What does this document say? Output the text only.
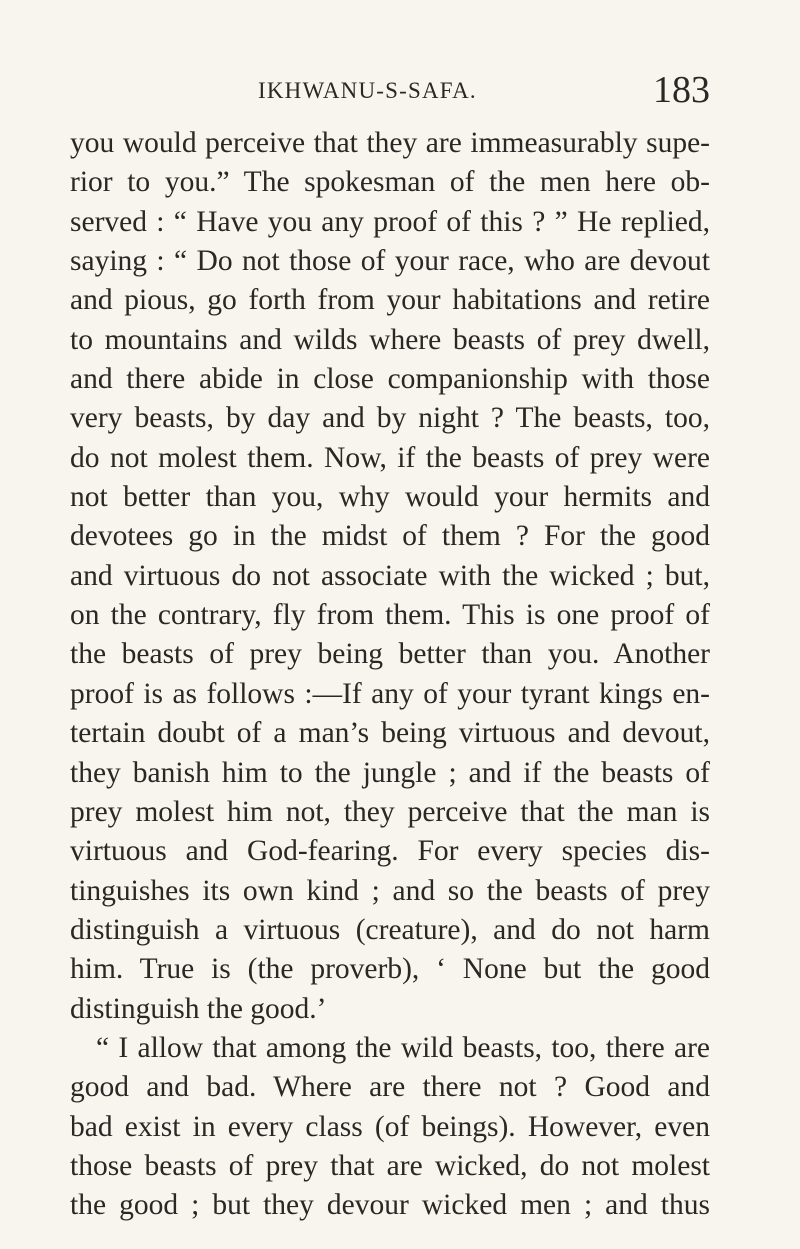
IKHWANU-S-SAFA.	183
you would perceive that they are immeasurably supe-
rior to you.” The spokesman of the men here ob-
served : “ Have you any proof of this ? ” He replied,
saying : “ Do not those of your race, who are devout
and pious, go forth from your habitations and retire
to mountains and wilds where beasts of prey dwell,
and there abide in close companionship with those
very beasts, by day and by night ? The beasts, too,
do not molest them. Now, if the beasts of prey were
not better than you, why would your hermits and
devotees go in the midst of them ? For the good
and virtuous do not associate with the wicked ; but,
on the contrary, fly from them. This is one proof of
the beasts of prey being better than you. Another
proof is as follows :—If any of your tyrant kings en-
tertain doubt of a man’s being virtuous and devout,
they banish him to the jungle ; and if the beasts of
prey molest him not, they perceive that the man is
virtuous and God-fearing. For every species dis-
tinguishes its own kind ; and so the beasts of prey
distinguish a virtuous (creature), and do not harm
him. True is (the proverb), ‘ None but the good
distinguish the good.’
“ I allow that among the wild beasts, too, there are
good and bad. Where are there not ? Good and
bad exist in every class (of beings). However, even
those beasts of prey that are wicked, do not molest
the good ; but they devour wicked men ; and thus
